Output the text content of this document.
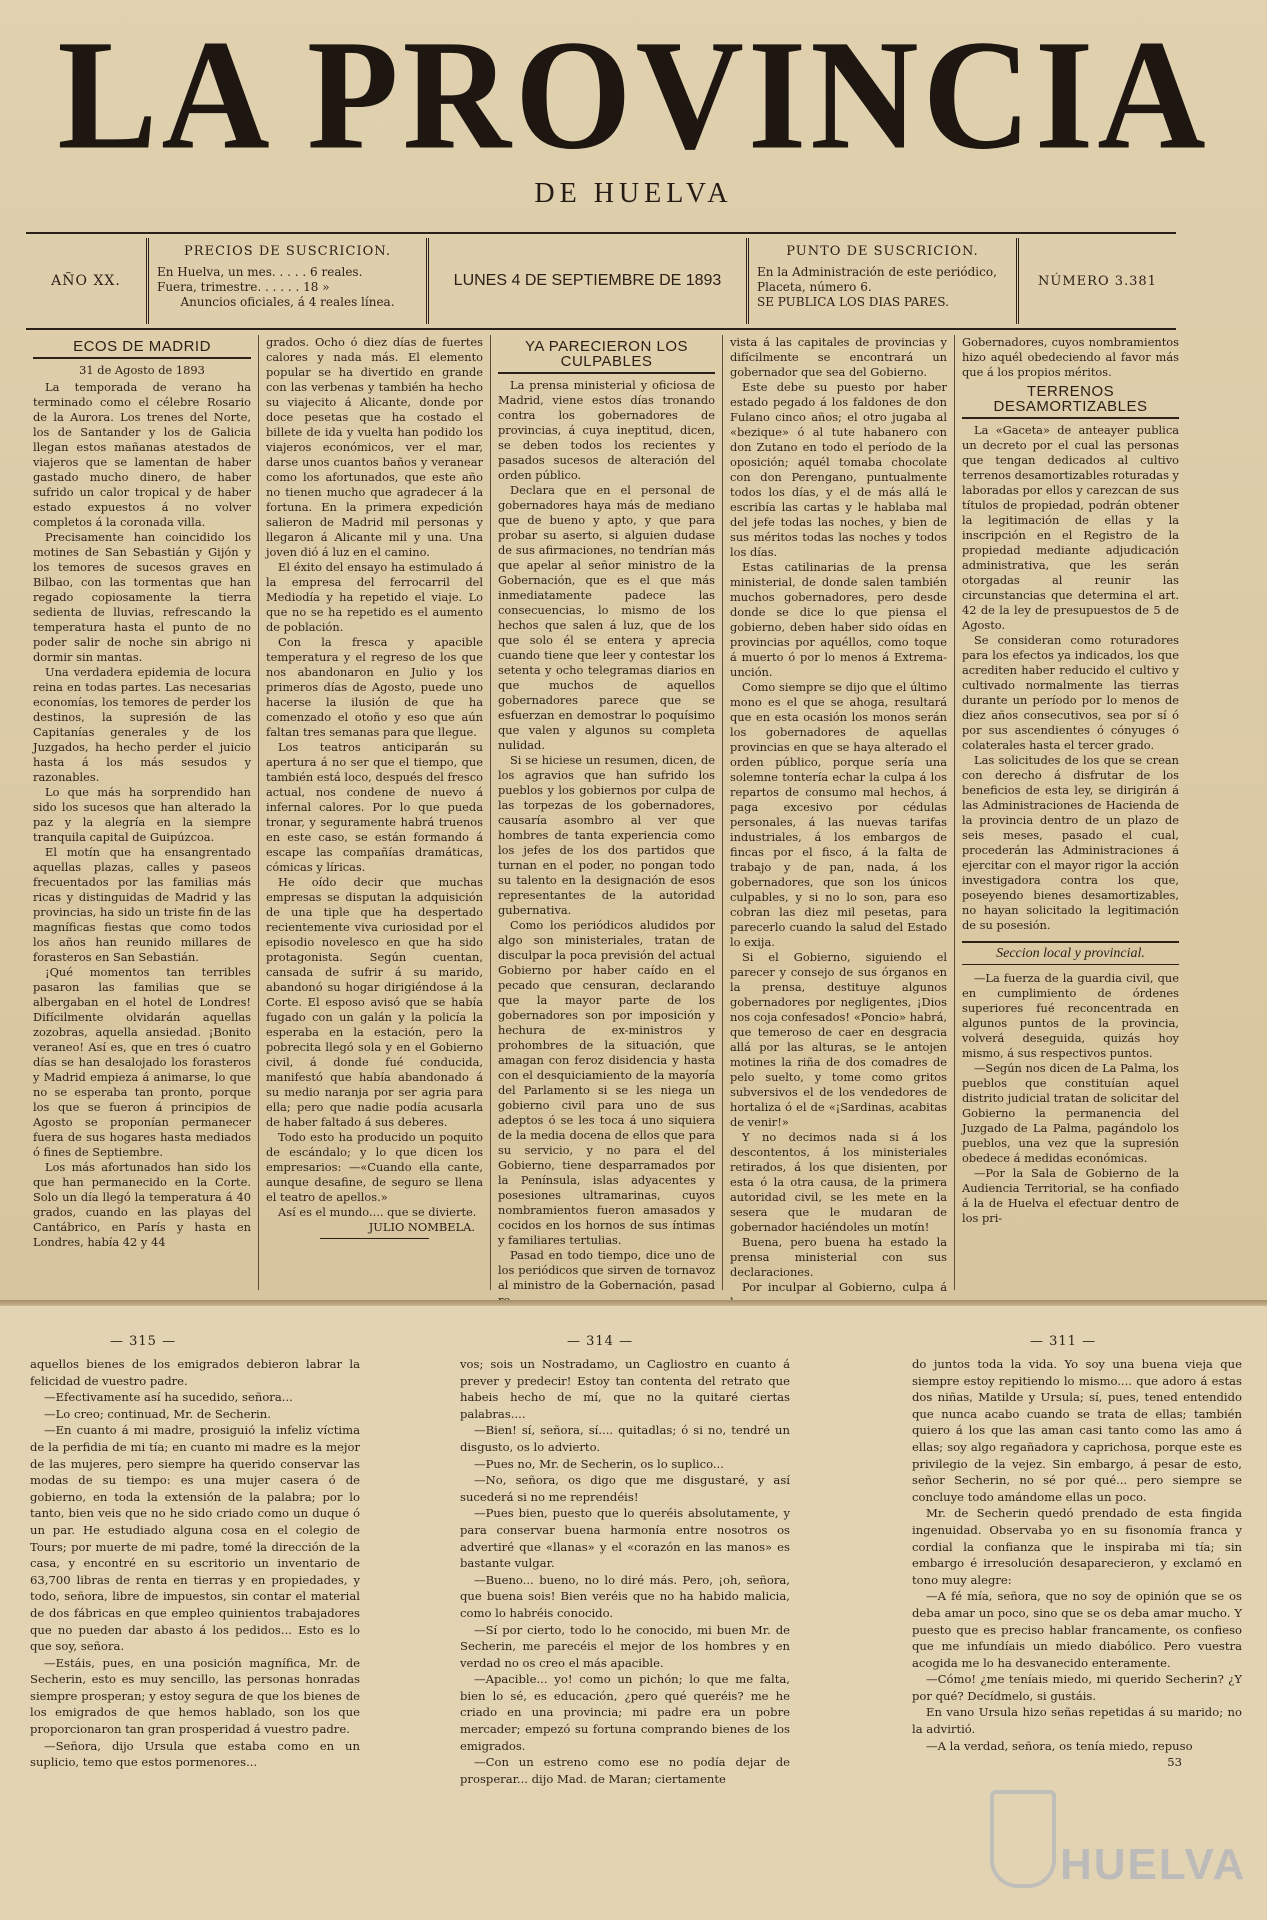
LA PROVINCIA
DE HUELVA
AÑO XX.
PRECIOS DE SUSCRICION.

En Huelva, un mes. . . . . 6 reales.

Fuera, trimestre. . . . . . 18 »

Anuncios oficiales, á 4 reales línea.

LUNES 4 DE SEPTIEMBRE DE 1893
PUNTO DE SUSCRICION.

En la Administración de este periódico,

Placeta, número 6.

SE PUBLICA LOS DIAS PARES.

NÚMERO 3.381
ECOS DE MADRID
31 de Agosto de 1893

La temporada de verano ha terminado como el célebre Rosario de la Aurora. Los trenes del Norte, los de Santander y los de Galicia llegan estos mañanas atestados de viajeros que se lamentan de haber gastado mucho dinero, de haber sufrido un calor tropical y de haber estado expuestos á no volver completos á la coronada villa.

Precisamente han coincidido los motines de San Sebastián y Gijón y los temores de sucesos graves en Bilbao, con las tormentas que han regado copiosamente la tierra sedienta de lluvias, refrescando la temperatura hasta el punto de no poder salir de noche sin abrigo ni dormir sin mantas.

Una verdadera epidemia de locura reina en todas partes. Las necesarias economías, los temores de perder los destinos, la supresión de las Capitanías generales y de los Juzgados, ha hecho perder el juicio hasta á los más sesudos y razonables.

Lo que más ha sorprendido han sido los sucesos que han alterado la paz y la alegría en la siempre tranquila capital de Guipúzcoa.

El motín que ha ensangrentado aquellas plazas, calles y paseos frecuentados por las familias más ricas y distinguidas de Madrid y las provincias, ha sido un triste fin de las magníficas fiestas que como todos los años han reunido millares de forasteros en San Sebastián.

¡Qué momentos tan terribles pasaron las familias que se albergaban en el hotel de Londres! Difícilmente olvidarán aquellas zozobras, aquella ansiedad. ¡Bonito veraneo! Así es, que en tres ó cuatro días se han desalojado los forasteros y Madrid empieza á animarse, lo que no se esperaba tan pronto, porque los que se fueron á principios de Agosto se proponían permanecer fuera de sus hogares hasta mediados ó fines de Septiembre.

Los más afortunados han sido los que han permanecido en la Corte. Solo un día llegó la temperatura á 40 grados, cuando en las playas del Cantábrico, en París y hasta en Londres, había 42 y 44

grados. Ocho ó diez días de fuertes calores y nada más. El elemento popular se ha divertido en grande con las verbenas y también ha hecho su viajecito á Alicante, donde por doce pesetas que ha costado el billete de ida y vuelta han podido los viajeros económicos, ver el mar, darse unos cuantos baños y veranear como los afortunados, que este año no tienen mucho que agradecer á la fortuna. En la primera expedición salieron de Madrid mil personas y llegaron á Alicante mil y una. Una joven dió á luz en el camino.

El éxito del ensayo ha estimulado á la empresa del ferrocarril del Mediodía y ha repetido el viaje. Lo que no se ha repetido es el aumento de población.

Con la fresca y apacible temperatura y el regreso de los que nos abandonaron en Julio y los primeros días de Agosto, puede uno hacerse la ilusión de que ha comenzado el otoño y eso que aún faltan tres semanas para que llegue.

Los teatros anticiparán su apertura á no ser que el tiempo, que también está loco, después del fresco actual, nos condene de nuevo á infernal calores. Por lo que pueda tronar, y seguramente habrá truenos en este caso, se están formando á escape las compañías dramáticas, cómicas y líricas.

He oído decir que muchas empresas se disputan la adquisición de una tiple que ha despertado recientemente viva curiosidad por el episodio novelesco en que ha sido protagonista. Según cuentan, cansada de sufrir á su marido, abandonó su hogar dirigiéndose á la Corte. El esposo avisó que se había fugado con un galán y la policía la esperaba en la estación, pero la pobrecita llegó sola y en el Gobierno civil, á donde fué conducida, manifestó que había abandonado á su medio naranja por ser agria para ella; pero que nadie podía acusarla de haber faltado á sus deberes.

Todo esto ha producido un poquito de escándalo; y lo que dicen los empresarios: —«Cuando ella cante, aunque desafine, de seguro se llena el teatro de apellos.»

Así es el mundo.... que se divierte.

JULIO NOMBELA.
YA PARECIERON LOS CULPABLES

La prensa ministerial y oficiosa de Madrid, viene estos días tronando contra los gobernadores de provincias, á cuya ineptitud, dicen, se deben todos los recientes y pasados sucesos de alteración del orden público.

Declara que en el personal de gobernadores haya más de mediano que de bueno y apto, y que para probar su aserto, si alguien dudase de sus afirmaciones, no tendrían más que apelar al señor ministro de la Gobernación, que es el que más inmediatamente padece las consecuencias, lo mismo de los hechos que salen á luz, que de los que solo él se entera y aprecia cuando tiene que leer y contestar los setenta y ocho telegramas diarios en que muchos de aquellos gobernadores parece que se esfuerzan en demostrar lo poquísimo que valen y algunos su completa nulidad.

Si se hiciese un resumen, dicen, de los agravios que han sufrido los pueblos y los gobiernos por culpa de las torpezas de los gobernadores, causaría asombro al ver que hombres de tanta experiencia como los jefes de los dos partidos que turnan en el poder, no pongan todo su talento en la designación de esos representantes de la autoridad gubernativa.

Como los periódicos aludidos por algo son ministeriales, tratan de disculpar la poca previsión del actual Gobierno por haber caído en el pecado que censuran, declarando que la mayor parte de los gobernadores son por imposición y hechura de ex-ministros y prohombres de la situación, que amagan con feroz disidencia y hasta con el desquiciamiento de la mayoría del Parlamento si se les niega un gobierno civil para uno de sus adeptos ó se les toca á uno siquiera de la media docena de ellos que para su servicio, y no para el del Gobierno, tiene desparramados por la Península, islas adyacentes y posesiones ultramarinas, cuyos nombramientos fueron amasados y cocidos en los hornos de sus íntimas y familiares tertulias.

Pasad en todo tiempo, dice uno de los periódicos que sirven de tornavoz al ministro de la Gobernación, pasad

vista á las capitales de provincias y difícilmente se encontrará un gobernador que sea del Gobierno.

Este debe su puesto por haber estado pegado á los faldones de don Fulano cinco años; el otro jugaba al «bezique» ó al tute habanero con don Zutano en todo el período de la oposición; aquél tomaba chocolate con don Perengano, puntualmente todos los días, y el de más allá le escribía las cartas y le hablaba mal del jefe todas las noches, y bien de sus méritos todas las noches y todos los días.

Estas catilinarias de la prensa ministerial, de donde salen también muchos gobernadores, pero desde donde se dice lo que piensa el gobierno, deben haber sido oídas en provincias por aquéllos, como toque á muerto ó por lo menos á Extrema-unción.

Como siempre se dijo que el último mono es el que se ahoga, resultará que en esta ocasión los monos serán los gobernadores de aquellas provincias en que se haya alterado el orden público, porque sería una solemne tontería echar la culpa á los repartos de consumo mal hechos, á paga excesivo por cédulas personales, á las nuevas tarifas industriales, á los embargos de fincas por el fisco, á la falta de trabajo y de pan, nada, á los gobernadores, que son los únicos culpables, y si no lo son, para eso cobran las diez mil pesetas, para parecerlo cuando la salud del Estado lo exija.

Si el Gobierno, siguiendo el parecer y consejo de sus órganos en la prensa, destituye algunos gobernadores por negligentes, ¡Dios nos coja confesados! «Poncio» habrá, que temeroso de caer en desgracia allá por las alturas, se le antojen motines la riña de dos comadres de pelo suelto, y tome como gritos subversivos el de los vendedores de hortaliza ó el de «¡Sardinas, acabitas de venir!»

Y no decimos nada si á los descontentos, á los ministeriales retirados, á los que disienten, por esta ó la otra causa, de la primera autoridad civil, se les mete en la sesera que le mudaran de gobernador haciéndoles un motín!

Buena, pero buena ha estado la prensa ministerial con sus declaraciones.

Por inculpar al Gobierno, culpa á

Gobernadores, cuyos nombramientos hizo aquél obedeciendo al favor más que á los propios méritos.

TERRENOS DESAMORTIZABLES

La «Gaceta» de anteayer publica un decreto por el cual las personas que tengan dedicados al cultivo terrenos desamortizables roturadas y laboradas por ellos y carezcan de sus títulos de propiedad, podrán obtener la legitimación de ellas y la inscripción en el Registro de la propiedad mediante adjudicación administrativa, que les serán otorgadas al reunir las circunstancias que determina el art. 42 de la ley de presupuestos de 5 de Agosto.

Se consideran como roturadores para los efectos ya indicados, los que acrediten haber reducido el cultivo y cultivado normalmente las tierras durante un período por lo menos de diez años consecutivos, sea por sí ó por sus ascendientes ó cónyuges ó colaterales hasta el tercer grado.

Las solicitudes de los que se crean con derecho á disfrutar de los beneficios de esta ley, se dirigirán á las Administraciones de Hacienda de la provincia dentro de un plazo de seis meses, pasado el cual, procederán las Administraciones á ejercitar con el mayor rigor la acción investigadora contra los que, poseyendo bienes desamortizables, no hayan solicitado la legitimación de su posesión.

Seccion local y provincial.

—La fuerza de la guardia civil, que en cumplimiento de órdenes superiores fué reconcentrada en algunos puntos de la provincia, volverá deseguida, quizás hoy mismo, á sus respectivos puntos.

—Según nos dicen de La Palma, los pueblos que constituían aquel distrito judicial tratan de solicitar del Gobierno la permanencia del Juzgado de La Palma, pagándolo los pueblos, una vez que la supresión obedece á medidas económicas.

—Por la Sala de Gobierno de la Audiencia Territorial, se ha confiado á la de Huelva el efectuar dentro de los pri-

— 315 —	— 314 —	— 311 —

aquellos bienes de los emigrados debieron labrar la felicidad de vuestro padre.

—Efectivamente así ha sucedido, señora...

—Lo creo; continuad, Mr. de Secherin.

—En cuanto á mi madre, prosiguió la infeliz víctima de la perfidia de mi tía; en cuanto mi madre es la mejor de las mujeres, pero siempre ha querido conservar las modas de su tiempo: es una mujer casera ó de gobierno, en toda la extensión de la palabra; por lo tanto, bien veis que no he sido criado como un duque ó un par. He estudiado alguna cosa en el colegio de Tours; por muerte de mi padre, tomé la dirección de la casa, y encontré en su escritorio un inventario de 63,700 libras de renta en tierras y en propiedades, y todo, señora, libre de impuestos, sin contar el material de dos fábricas en que empleo quinientos trabajadores que no pueden dar abasto á los pedidos... Esto es lo que soy, señora.

—Estáis, pues, en una posición magnífica, Mr. de Secherin, esto es muy sencillo, las personas honradas siempre prosperan; y estoy segura de que los bienes de los emigrados de que hemos hablado, son los que proporcionaron tan gran prosperidad á vuestro padre.

—Señora, dijo Ursula que estaba como en un suplicio, temo que estos pormenores...

vos; sois un Nostradamo, un Cagliostro en cuanto á prever y predecir! Estoy tan contenta del retrato que habeis hecho de mí, que no la quitaré ciertas palabras....

—Bien! sí, señora, sí.... quitadlas; ó si no, tendré un disgusto, os lo advierto.

—Pues no, Mr. de Secherin, os lo suplico...

—No, señora, os digo que me disgustaré, y así sucederá si no me reprendéis!

—Pues bien, puesto que lo queréis absolutamente, y para conservar buena harmonía entre nosotros os advertiré que «llanas» y el «corazón en las manos» es bastante vulgar.

—Bueno... bueno, no lo diré más. Pero, ¡oh, señora, que buena sois! Bien veréis que no ha habido malicia, como lo habréis conocido.

—Sí por cierto, todo lo he conocido, mi buen Mr. de Secherin, me parecéis el mejor de los hombres y en verdad no os creo el más apacible.

—Apacible... yo! como un pichón; lo que me falta, bien lo sé, es educación, ¿pero qué queréis? me he criado en una provincia; mi padre era un pobre mercader; empezó su fortuna comprando bienes de los emigrados.

—Con un estreno como ese no podía dejar de prosperar... dijo Mad. de Maran; ciertamente

do juntos toda la vida. Yo soy una buena vieja que siempre estoy repitiendo lo mismo.... que adoro á estas dos niñas, Matilde y Ursula; sí, pues, tened entendido que nunca acabo cuando se trata de ellas; también quiero á los que las aman casi tanto como las amo á ellas; soy algo regañadora y caprichosa, porque este es privilegio de la vejez. Sin embargo, á pesar de esto, señor Secherin, no sé por qué... pero siempre se concluye todo amándome ellas un poco.

Mr. de Secherin quedó prendado de esta fingida ingenuidad. Observaba yo en su fisonomía franca y cordial la confianza que le inspiraba mi tía; sin embargo é irresolución desaparecieron, y exclamó en tono muy alegre:

—A fé mía, señora, que no soy de opinión que se os deba amar un poco, sino que se os deba amar mucho. Y puesto que es preciso hablar francamente, os confieso que me infundíais un miedo diabólico. Pero vuestra acogida me lo ha desvanecido enteramente.

—Cómo! ¿me teníais miedo, mi querido Secherin? ¿Y por qué? Decídmelo, si gustáis.

En vano Ursula hizo señas repetidas á su marido; no la advirtió.

—A la verdad, señora, os tenía miedo, repuso

53
HUELVA
